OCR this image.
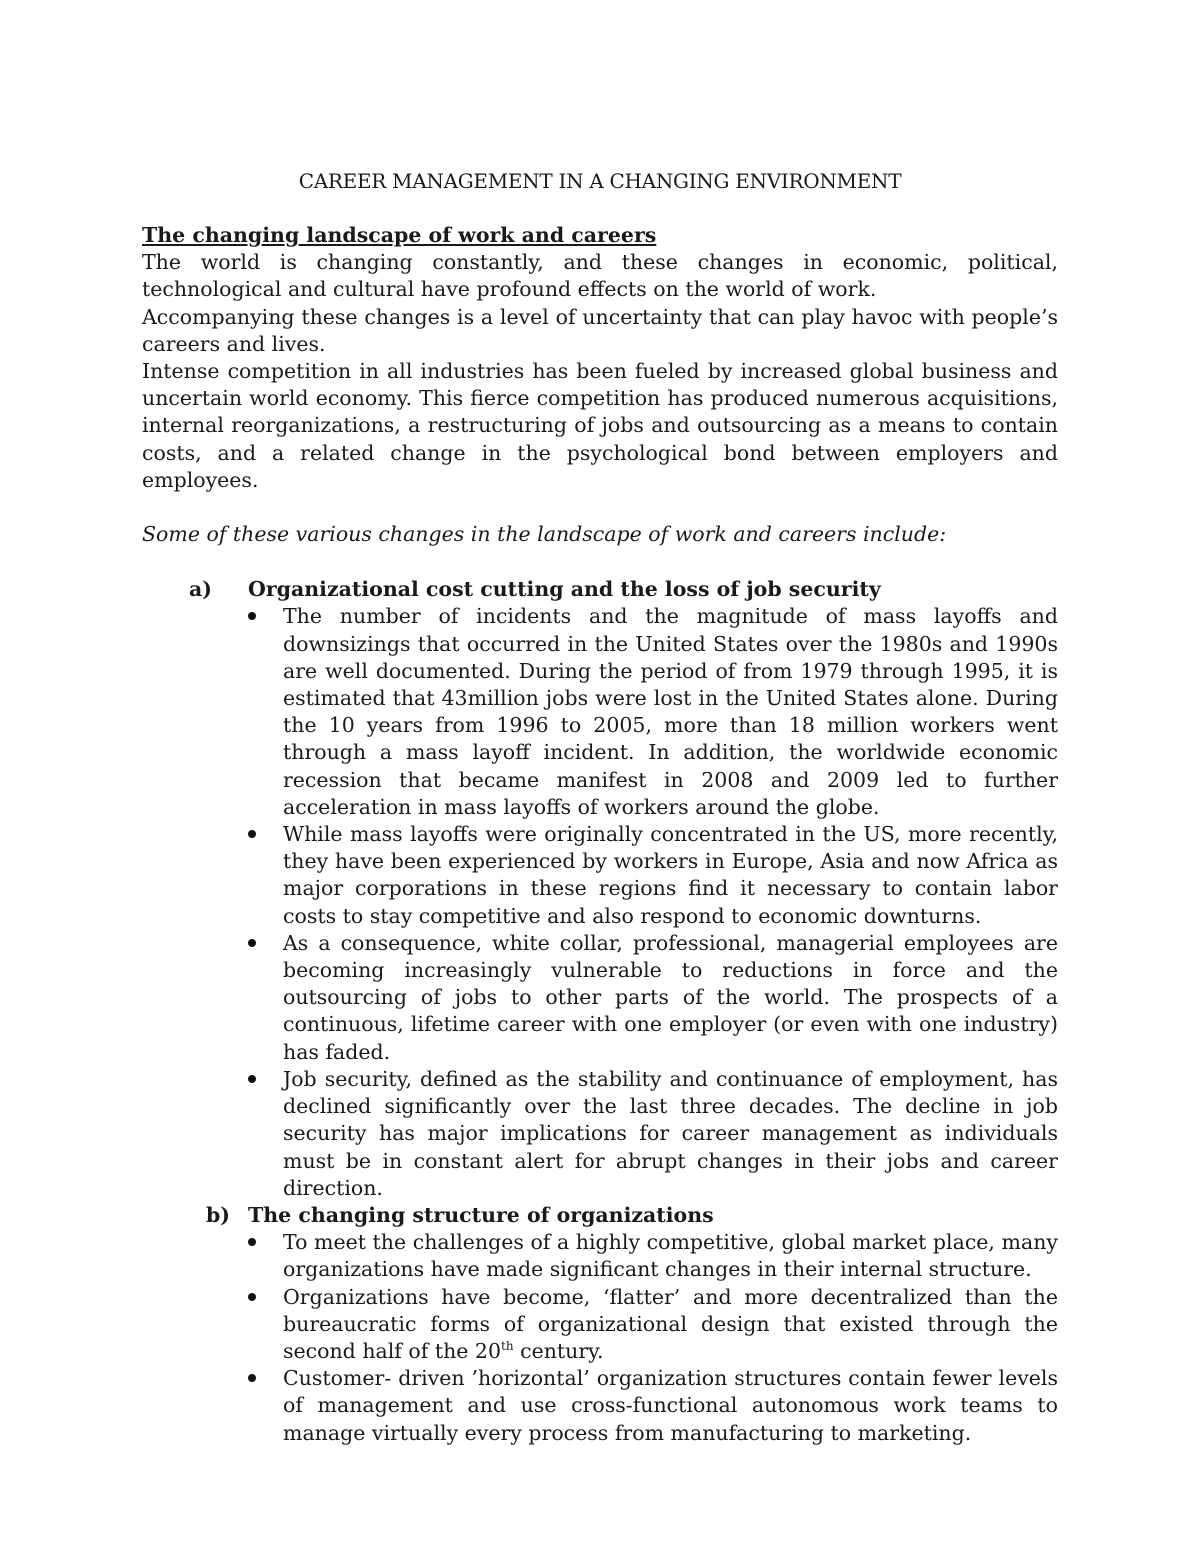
CAREER MANAGEMENT IN A CHANGING ENVIRONMENT

The changing landscape of work and careers

The world is changing constantly, and these changes in economic, political, technological and cultural have profound effects on the world of work.

Accompanying these changes is a level of uncertainty that can play havoc with people’s careers and lives.

Intense competition in all industries has been fueled by increased global business and uncertain world economy. This fierce competition has produced numerous acquisitions, internal reorganizations, a restructuring of jobs and outsourcing as a means to contain costs, and a related change in the psychological bond between employers and employees.

Some of these various changes in the landscape of work and careers include:

a) Organizational cost cutting and the loss of job security
The number of incidents and the magnitude of mass layoffs and downsizings that occurred in the United States over the 1980s and 1990s are well documented. During the period of from 1979 through 1995, it is estimated that 43million jobs were lost in the United States alone. During the 10 years from 1996 to 2005, more than 18 million workers went through a mass layoff incident. In addition, the worldwide economic recession that became manifest in 2008 and 2009 led to further acceleration in mass layoffs of workers around the globe.
While mass layoffs were originally concentrated in the US, more recently, they have been experienced by workers in Europe, Asia and now Africa as major corporations in these regions find it necessary to contain labor costs to stay competitive and also respond to economic downturns.
As a consequence, white collar, professional, managerial employees are becoming increasingly vulnerable to reductions in force and the outsourcing of jobs to other parts of the world. The prospects of a continuous, lifetime career with one employer (or even with one industry) has faded.
Job security, defined as the stability and continuance of employment, has declined significantly over the last three decades. The decline in job security has major implications for career management as individuals must be in constant alert for abrupt changes in their jobs and career direction.
b) The changing structure of organizations
To meet the challenges of a highly competitive, global market place, many organizations have made significant changes in their internal structure.
Organizations have become, ‘flatter’ and more decentralized than the bureaucratic forms of organizational design that existed through the second half of the 20th century.
Customer- driven ’horizontal’ organization structures contain fewer levels of management and use cross-functional autonomous work teams to manage virtually every process from manufacturing to marketing.
